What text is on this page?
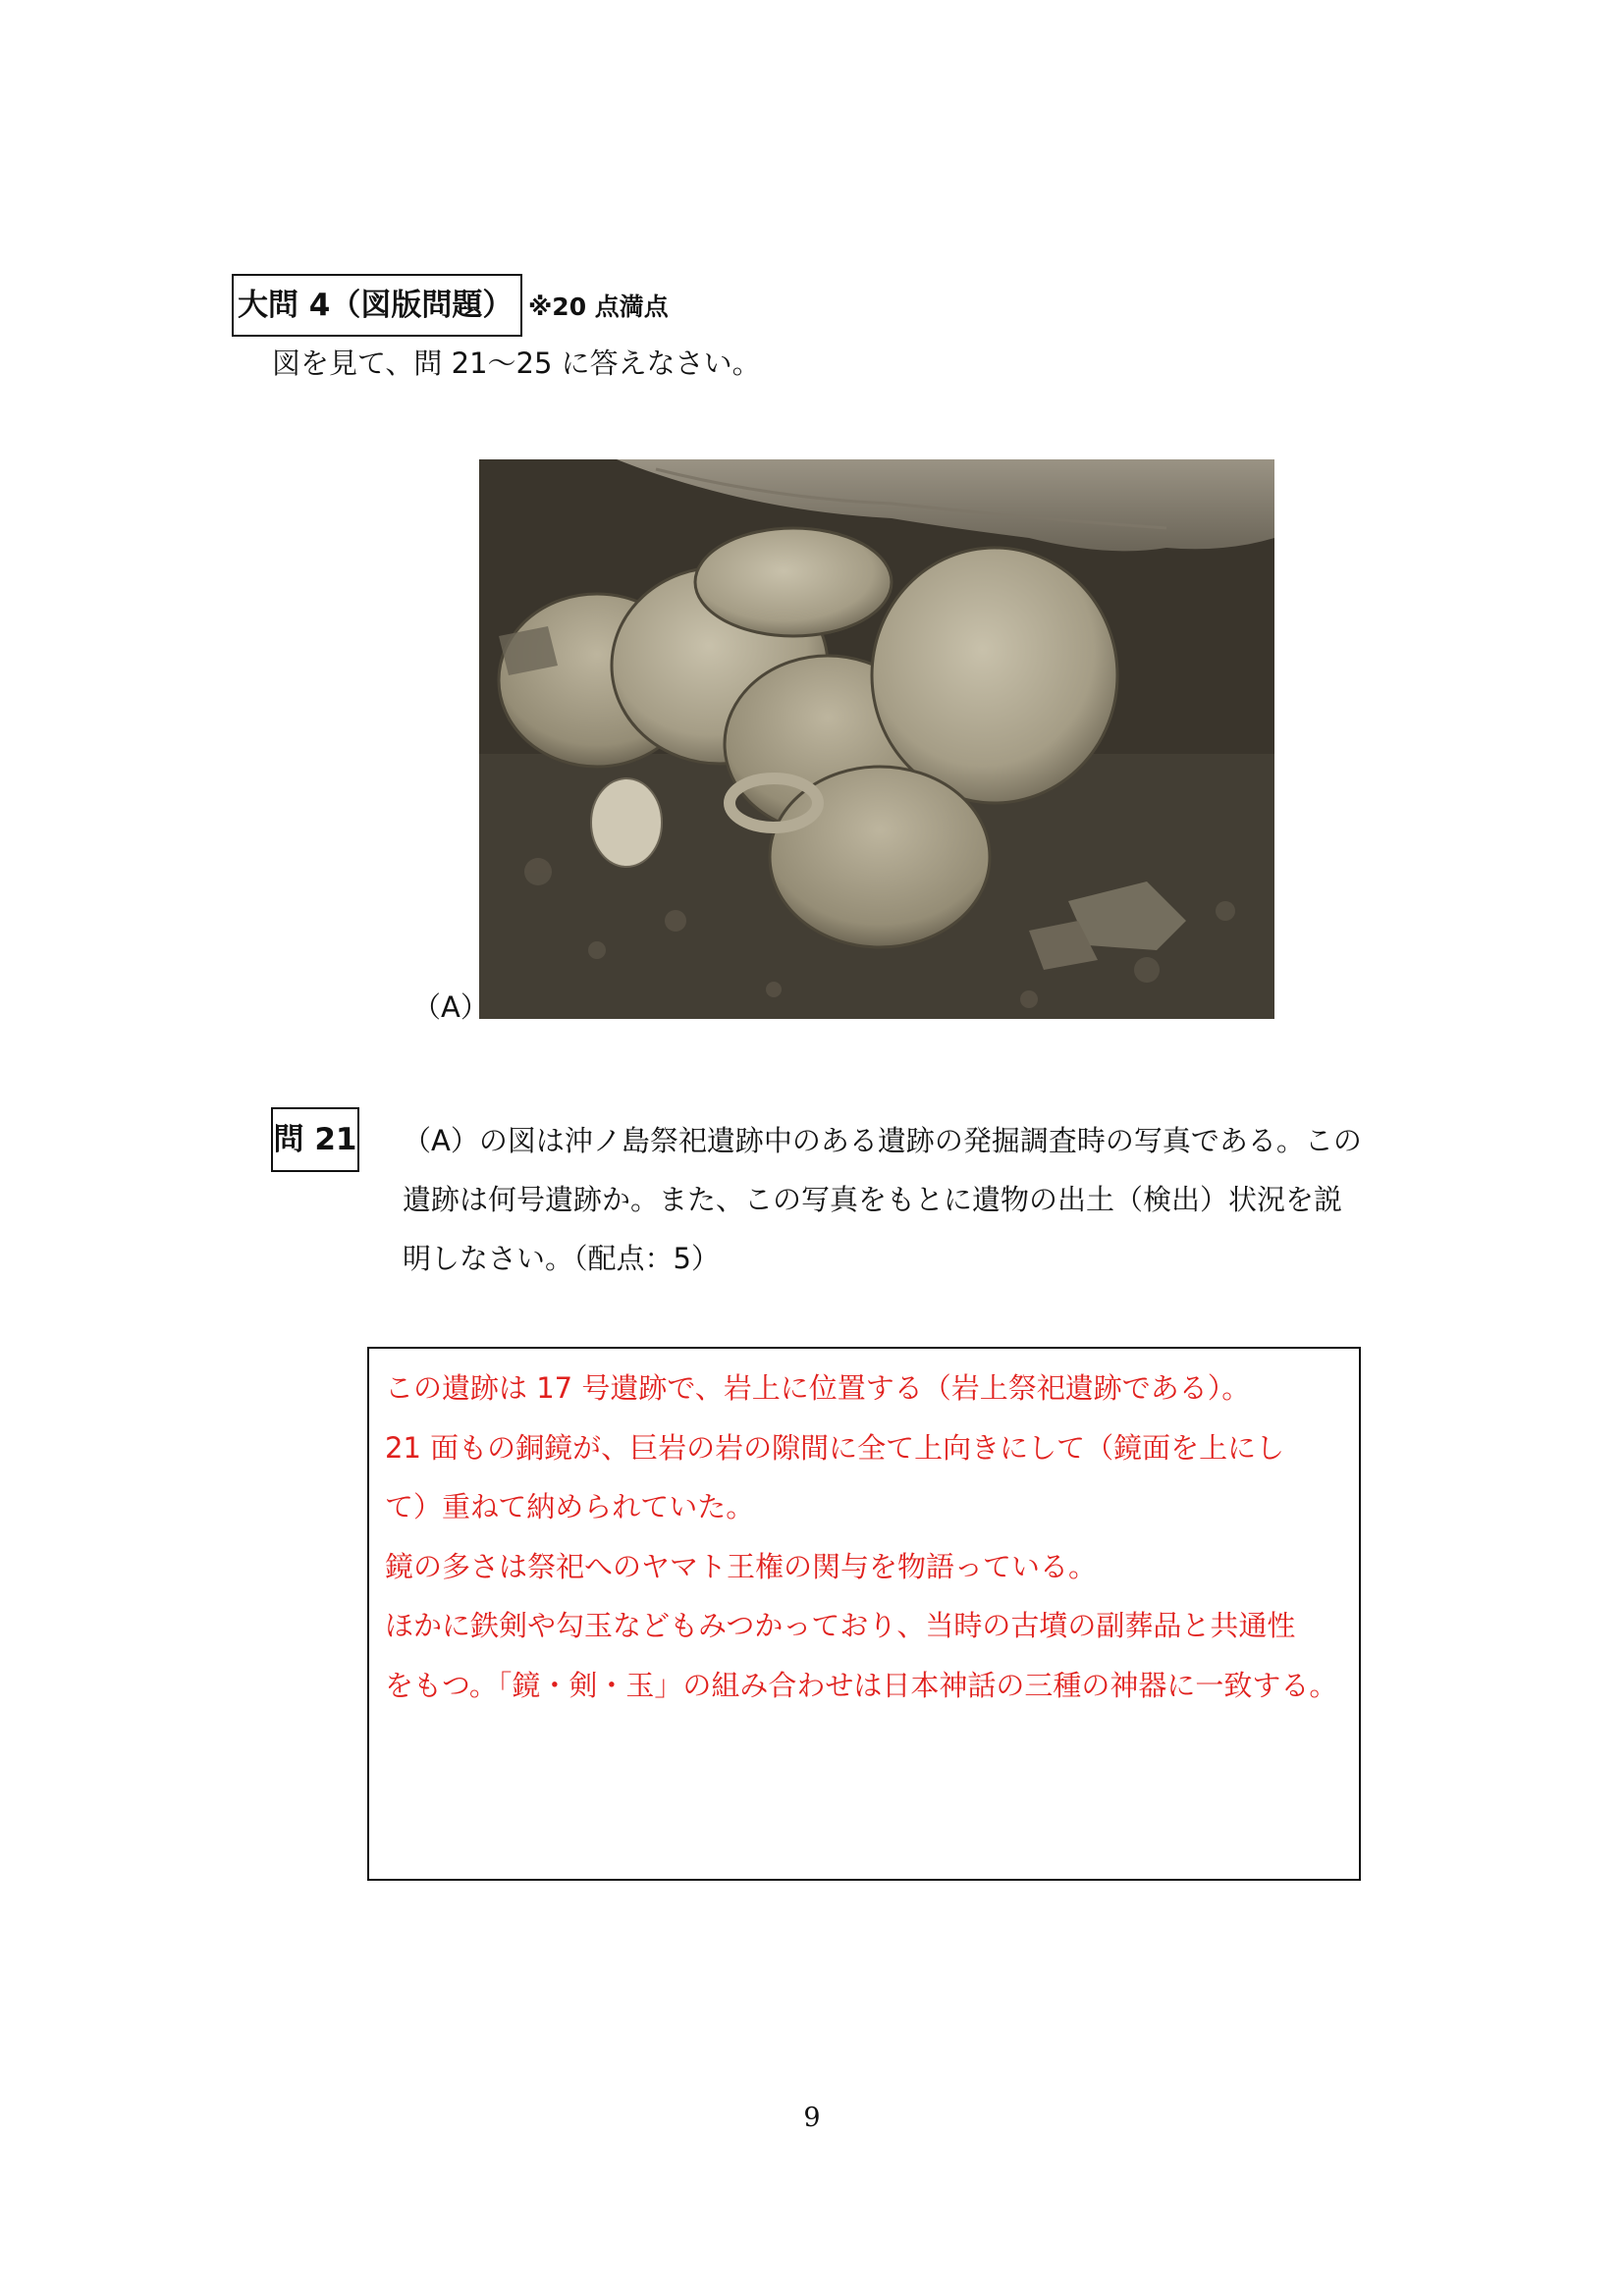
大問 4（図版問題） ※20 点満点
図を見て、問 21〜25 に答えなさい。
（A）
問 21 （A）の図は沖ノ島祭祀遺跡中のある遺跡の発掘調査時の写真である。この
遺跡は何号遺跡か。また、この写真をもとに遺物の出土（検出）状況を説
明しなさい。（配点：5）
この遺跡は 17 号遺跡で、岩上に位置する（岩上祭祀遺跡である）。
21 面もの銅鏡が、巨岩の岩の隙間に全て上向きにして（鏡面を上にし
て）重ねて納められていた。
鏡の多さは祭祀へのヤマト王権の関与を物語っている。
ほかに鉄剣や勾玉などもみつかっており、当時の古墳の副葬品と共通性
をもつ。「鏡・剣・玉」の組み合わせは日本神話の三種の神器に一致する。
9
